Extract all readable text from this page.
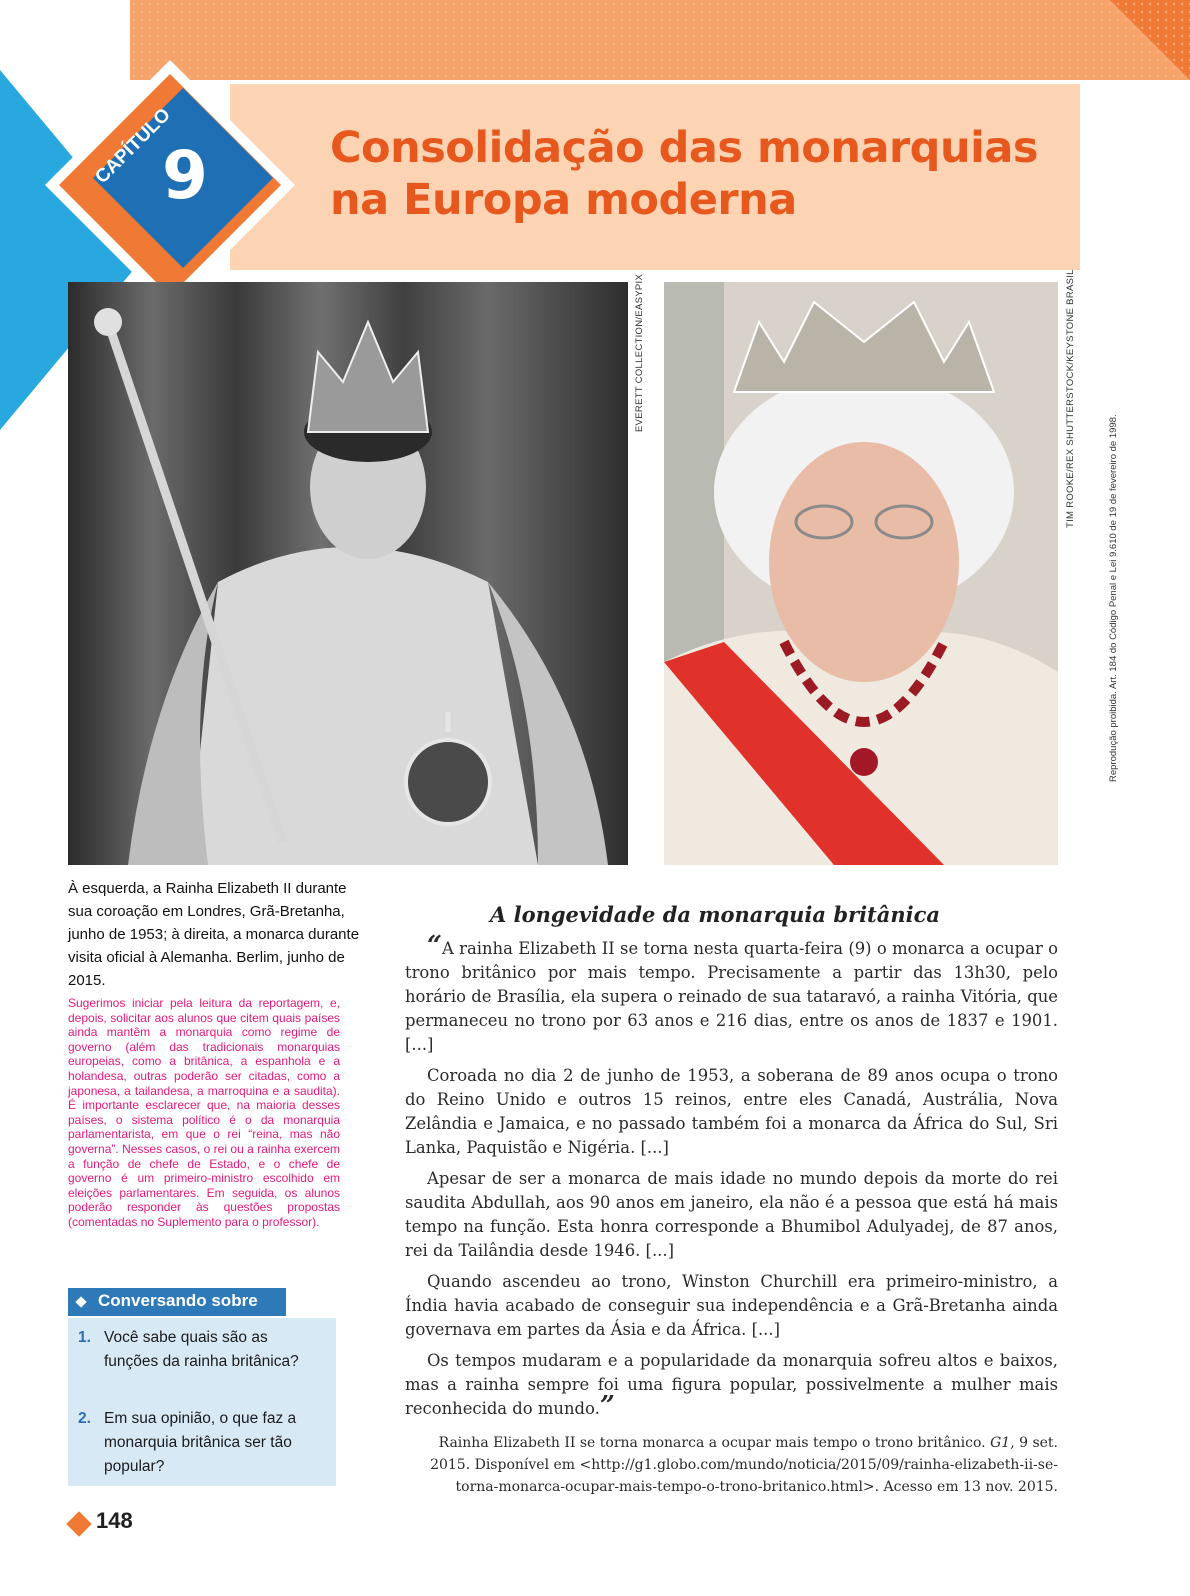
CAPÍTULO
9	Consolidação das monarquias na Europa moderna
EVERETT COLLECTION/EASYPIX	TIM ROOKE/REX SHUTTERSTOCK/KEYSTONE BRASIL
Reprodução proibida. Art. 184 do Código Penal e Lei 9.610 de 19 de fevereiro de 1998.

À esquerda, a Rainha Elizabeth II durante sua coroação em Londres, Grã-Bretanha, junho de 1953; à direita, a monarca durante visita oficial à Alemanha. Berlim, junho de 2015.

Sugerimos iniciar pela leitura da reportagem, e, depois, solicitar aos alunos que citem quais países ainda mantêm a monarquia como regime de governo (além das tradicionais monarquias europeias, como a britânica, a espanhola e a holandesa, outras poderão ser citadas, como a japonesa, a tailandesa, a marroquina e a saudita). É importante esclarecer que, na maioria desses países, o sistema político é o da monarquia parlamentarista, em que o rei “reina, mas não governa”. Nesses casos, o rei ou a rainha exercem a função de chefe de Estado, e o chefe de governo é um primeiro-ministro escolhido em eleições parlamentares. Em seguida, os alunos poderão responder às questões propostas (comentadas no Suplemento para o professor).

Conversando sobre
1. Você sabe quais são as funções da rainha britânica?
2. Em sua opinião, o que faz a monarquia britânica ser tão popular?
148
A longevidade da monarquia britânica

“A rainha Elizabeth II se torna nesta quarta-feira (9) o monarca a ocupar o trono britânico por mais tempo. Precisamente a partir das 13h30, pelo horário de Brasília, ela supera o reinado de sua tataravó, a rainha Vitória, que permaneceu no trono por 63 anos e 216 dias, entre os anos de 1837 e 1901. [...]

Coroada no dia 2 de junho de 1953, a soberana de 89 anos ocupa o trono do Reino Unido e outros 15 reinos, entre eles Canadá, Austrália, Nova Zelândia e Jamaica, e no passado também foi a monarca da África do Sul, Sri Lanka, Paquistão e Nigéria. [...]

Apesar de ser a monarca de mais idade no mundo depois da morte do rei saudita Abdullah, aos 90 anos em janeiro, ela não é a pessoa que está há mais tempo na função. Esta honra corresponde a Bhumibol Adulyadej, de 87 anos, rei da Tailândia desde 1946. [...]

Quando ascendeu ao trono, Winston Churchill era primeiro-ministro, a Índia havia acabado de conseguir sua independência e a Grã-Bretanha ainda governava em partes da Ásia e da África. [...]

Os tempos mudaram e a popularidade da monarquia sofreu altos e baixos, mas a rainha sempre foi uma figura popular, possivelmente a mulher mais reconhecida do mundo.”

Rainha Elizabeth II se torna monarca a ocupar mais tempo o trono britânico. G1, 9 set. 2015. Disponível em <http://g1.globo.com/mundo/noticia/2015/09/rainha-elizabeth-ii-se-torna-monarca-ocupar-mais-tempo-o-trono-britanico.html>. Acesso em 13 nov. 2015.
